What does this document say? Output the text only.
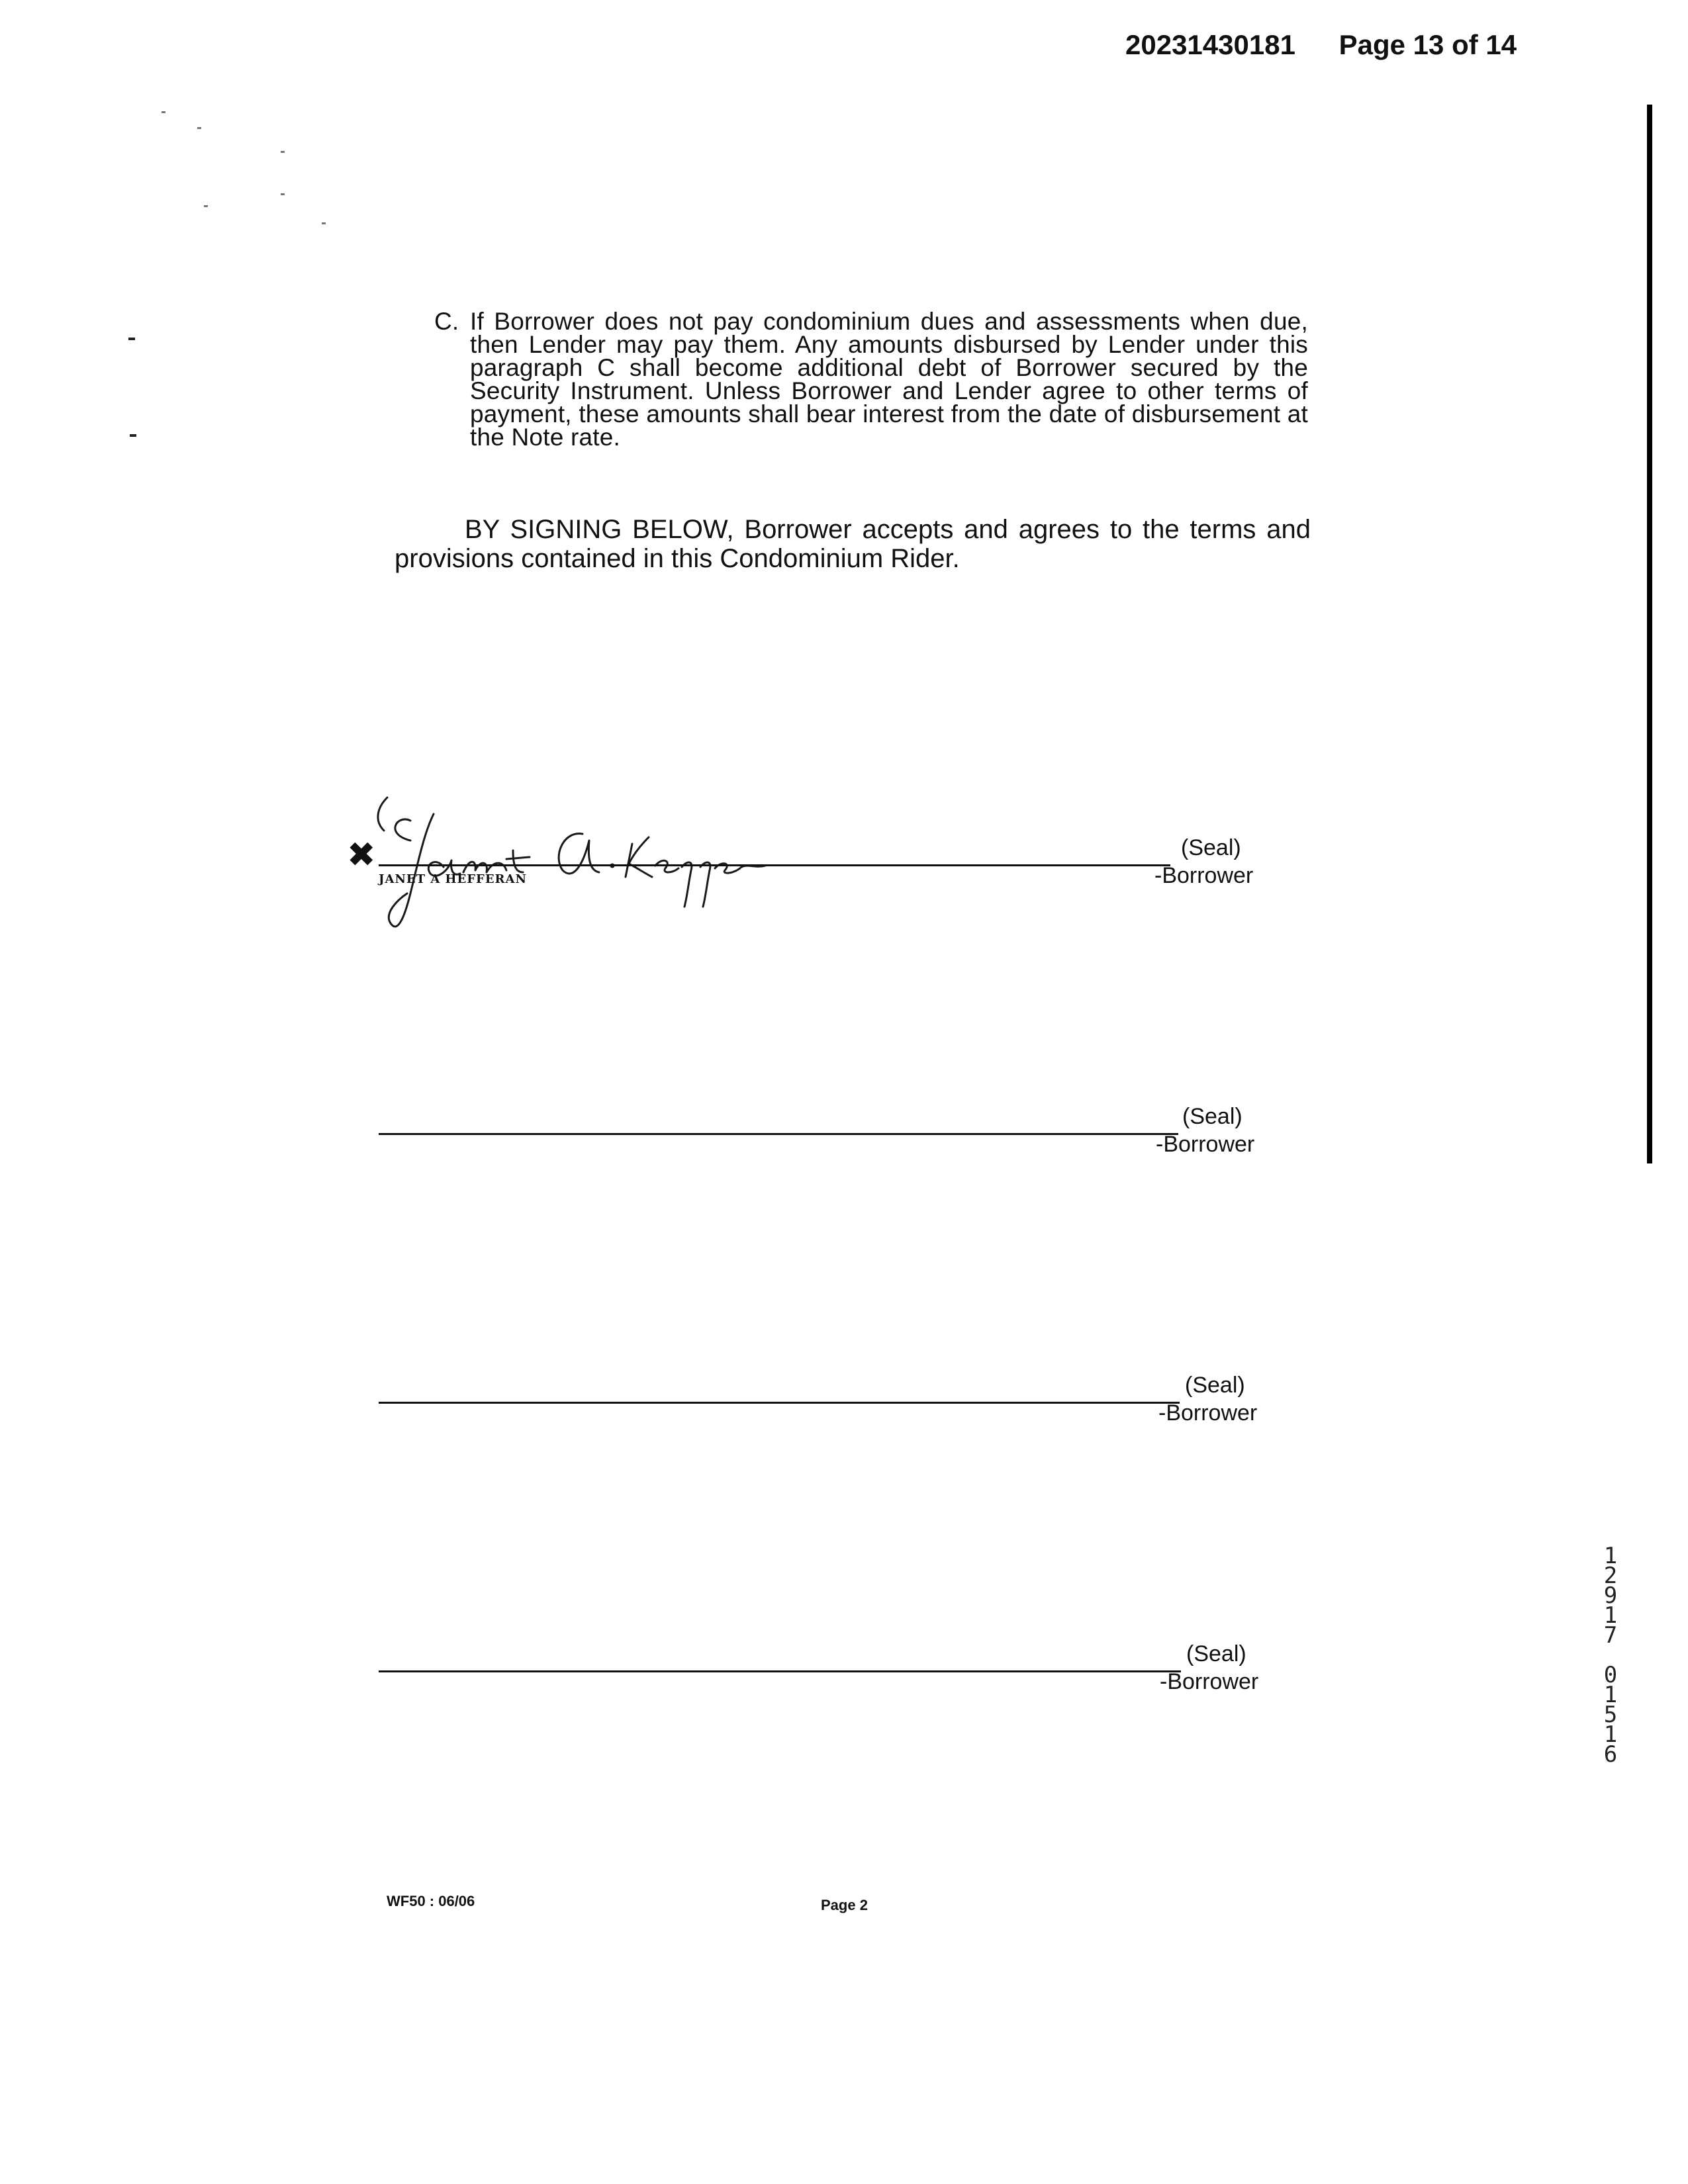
20231430181 Page 13 of 14
C. If Borrower does not pay condominium dues and assessments when due, then Lender may pay them. Any amounts disbursed by Lender under this paragraph C shall become additional debt of Borrower secured by the Security Instrument. Unless Borrower and Lender agree to other terms of payment, these amounts shall bear interest from the date of disbursement at the Note rate.
BY SIGNING BELOW, Borrower accepts and agrees to the terms and provisions contained in this Condominium Rider.
✖
JANET A HEFFERAN
(Seal)
-Borrower
(Seal)
-Borrower
(Seal)
-Borrower
(Seal)
-Borrower
1
2
9
1
7
0
1
5
1
6
WF50 : 06/06	Page 2
